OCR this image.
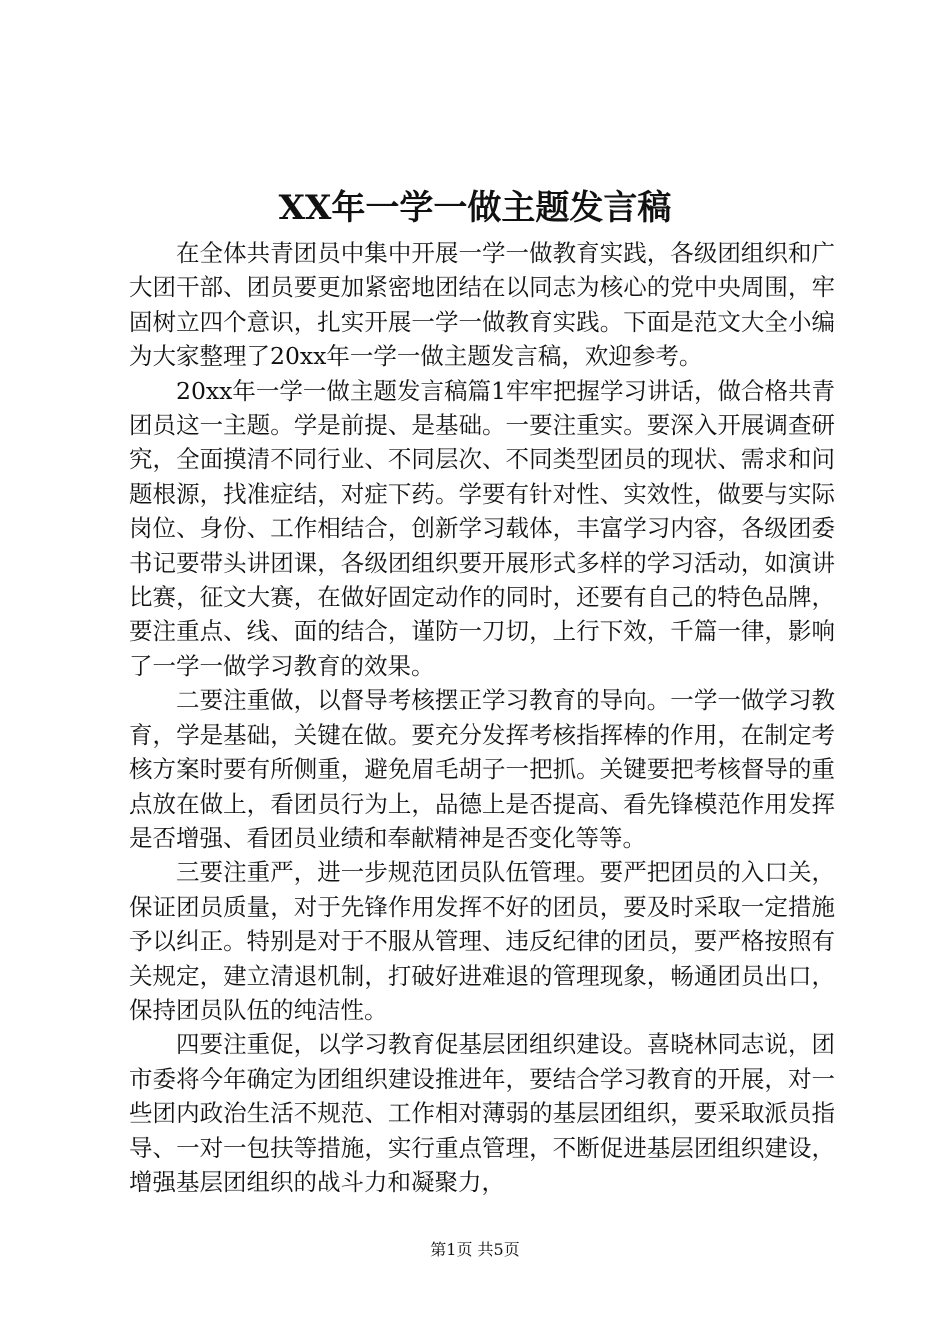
XX年一学一做主题发言稿

在全体共青团员中集中开展一学一做教育实践，各级团组织和广大团干部、团员要更加紧密地团结在以同志为核心的党中央周围，牢固树立四个意识，扎实开展一学一做教育实践。下面是范文大全小编为大家整理了20xx年一学一做主题发言稿，欢迎参考。

20xx年一学一做主题发言稿篇1牢牢把握学习讲话，做合格共青团员这一主题。学是前提、是基础。一要注重实。要深入开展调查研究，全面摸清不同行业、不同层次、不同类型团员的现状、需求和问题根源，找准症结，对症下药。学要有针对性、实效性，做要与实际岗位、身份、工作相结合，创新学习载体，丰富学习内容，各级团委书记要带头讲团课，各级团组织要开展形式多样的学习活动，如演讲比赛，征文大赛，在做好固定动作的同时，还要有自己的特色品牌，要注重点、线、面的结合，谨防一刀切，上行下效，千篇一律，影响了一学一做学习教育的效果。

二要注重做，以督导考核摆正学习教育的导向。一学一做学习教育，学是基础，关键在做。要充分发挥考核指挥棒的作用，在制定考核方案时要有所侧重，避免眉毛胡子一把抓。关键要把考核督导的重点放在做上，看团员行为上，品德上是否提高、看先锋模范作用发挥是否增强、看团员业绩和奉献精神是否变化等等。

三要注重严，进一步规范团员队伍管理。要严把团员的入口关，保证团员质量，对于先锋作用发挥不好的团员，要及时采取一定措施予以纠正。特别是对于不服从管理、违反纪律的团员，要严格按照有关规定，建立清退机制，打破好进难退的管理现象，畅通团员出口，保持团员队伍的纯洁性。

四要注重促，以学习教育促基层团组织建设。喜晓林同志说，团市委将今年确定为团组织建设推进年，要结合学习教育的开展，对一些团内政治生活不规范、工作相对薄弱的基层团组织，要采取派员指导、一对一包扶等措施，实行重点管理，不断促进基层团组织建设，增强基层团组织的战斗力和凝聚力，

第1页 共5页
